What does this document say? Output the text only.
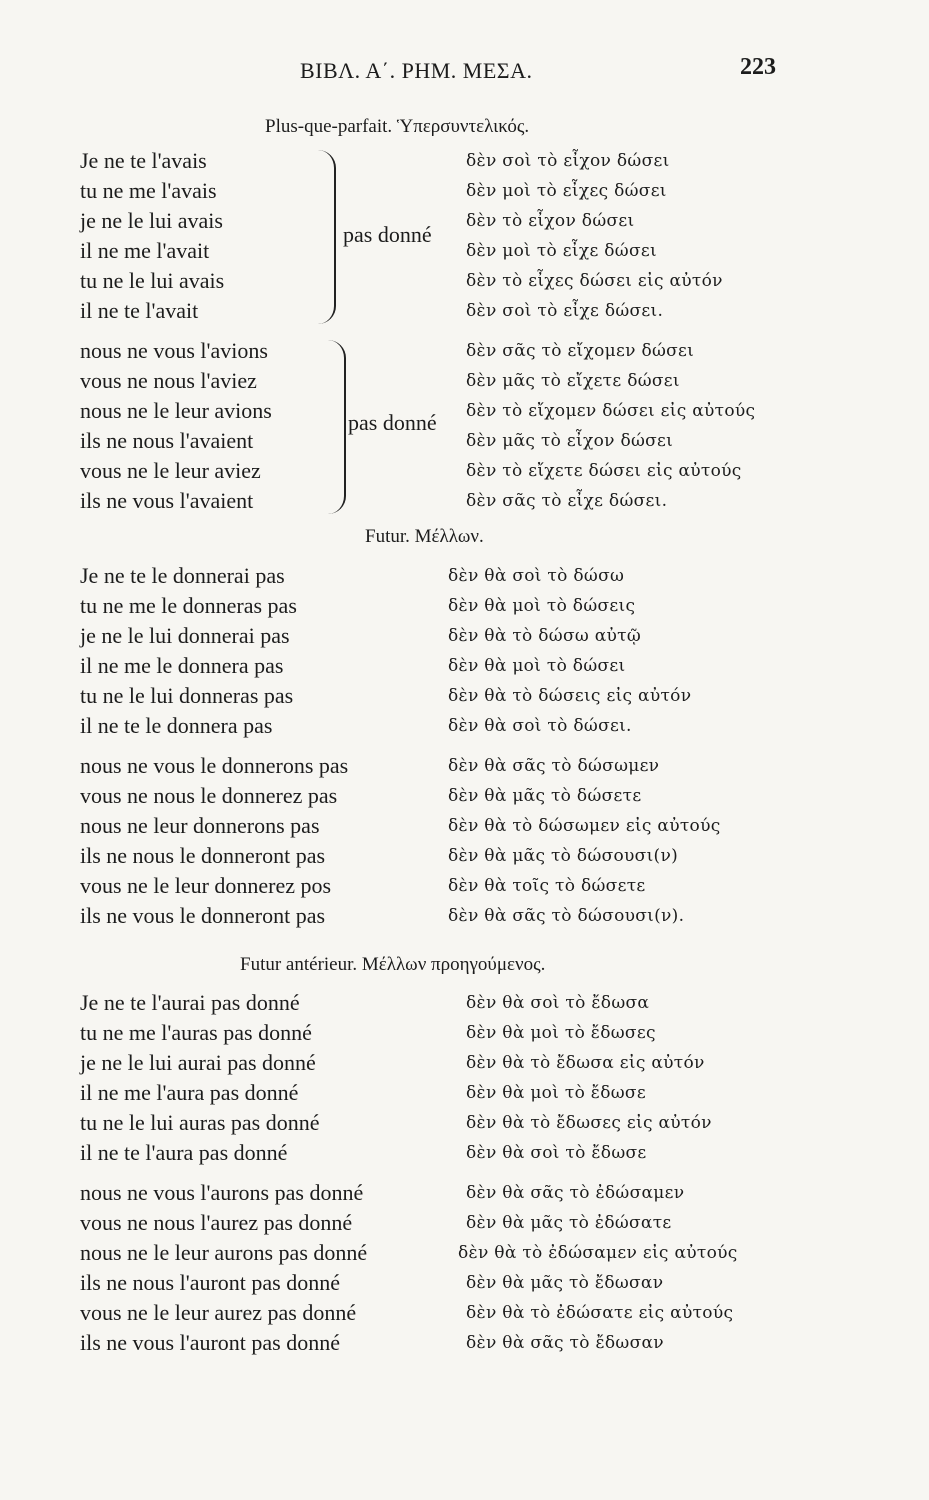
ΒΙΒΛ. Α΄. ΡΗΜ. ΜΕΣΑ.	223
Plus-que-parfait. Ὑπερσυντελικός.
Je ne te l'avais
tu ne me l'avais
je ne le lui avais
il ne me l'avait
tu ne le lui avais
il ne te l'avait
pas donné
δὲν σοὶ τὸ εἶχον δώσει
δὲν μοὶ τὸ εἶχες δώσει
δὲν τὸ εἶχον δώσει
δὲν μοὶ τὸ εἶχε δώσει
δὲν τὸ εἶχες δώσει εἰς αὐτόν
δὲν σοὶ τὸ εἶχε δώσει.
nous ne vous l'avions
vous ne nous l'aviez
nous ne le leur avions
ils ne nous l'avaient
vous ne le leur aviez
ils ne vous l'avaient
pas donné
δὲν σᾶς τὸ εἴχομεν δώσει
δὲν μᾶς τὸ εἴχετε δώσει
δὲν τὸ εἴχομεν δώσει εἰς αὐτούς
δὲν μᾶς τὸ εἶχον δώσει
δὲν τὸ εἴχετε δώσει εἰς αὐτούς
δὲν σᾶς τὸ εἶχε δώσει.
Futur. Μέλλων.
Je ne te le donnerai pas
tu ne me le donneras pas
je ne le lui donnerai pas
il ne me le donnera pas
tu ne le lui donneras pas
il ne te le donnera pas
nous ne vous le donnerons pas
vous ne nous le donnerez pas
nous ne leur donnerons pas
ils ne nous le donneront pas
vous ne le leur donnerez pos
ils ne vous le donneront pas
δὲν θὰ σοὶ τὸ δώσω
δὲν θὰ μοὶ τὸ δώσεις
δὲν θὰ τὸ δώσω αὐτῷ
δὲν θὰ μοὶ τὸ δώσει
δὲν θὰ τὸ δώσεις εἰς αὐτόν
δὲν θὰ σοὶ τὸ δώσει.
δὲν θὰ σᾶς τὸ δώσωμεν
δὲν θὰ μᾶς τὸ δώσετε
δὲν θὰ τὸ δώσωμεν εἰς αὐτούς
δὲν θὰ μᾶς τὸ δώσουσι(ν)
δὲν θὰ τοῖς τὸ δώσετε
δὲν θὰ σᾶς τὸ δώσουσι(ν).
Futur antérieur. Μέλλων προηγούμενος.
Je ne te l'aurai pas donné
tu ne me l'auras pas donné
je ne le lui aurai pas donné
il ne me l'aura pas donné
tu ne le lui auras pas donné
il ne te l'aura pas donné
nous ne vous l'aurons pas donné
vous ne nous l'aurez pas donné
nous ne le leur aurons pas donné
ils ne nous l'auront pas donné
vous ne le leur aurez pas donné
ils ne vous l'auront pas donné
δὲν θὰ σοὶ τὸ ἔδωσα
δὲν θὰ μοὶ τὸ ἔδωσες
δὲν θὰ τὸ ἔδωσα εἰς αὐτόν
δὲν θὰ μοὶ τὸ ἔδωσε
δὲν θὰ τὸ ἔδωσες εἰς αὐτόν
δὲν θὰ σοὶ τὸ ἔδωσε
δὲν θὰ σᾶς τὸ ἐδώσαμεν
δὲν θὰ μᾶς τὸ ἐδώσατε
δὲν θὰ τὸ ἐδώσαμεν εἰς αὐτούς
δὲν θὰ μᾶς τὸ ἔδωσαν
δὲν θὰ τὸ ἐδώσατε εἰς αὐτούς
δὲν θὰ σᾶς τὸ ἔδωσαν
